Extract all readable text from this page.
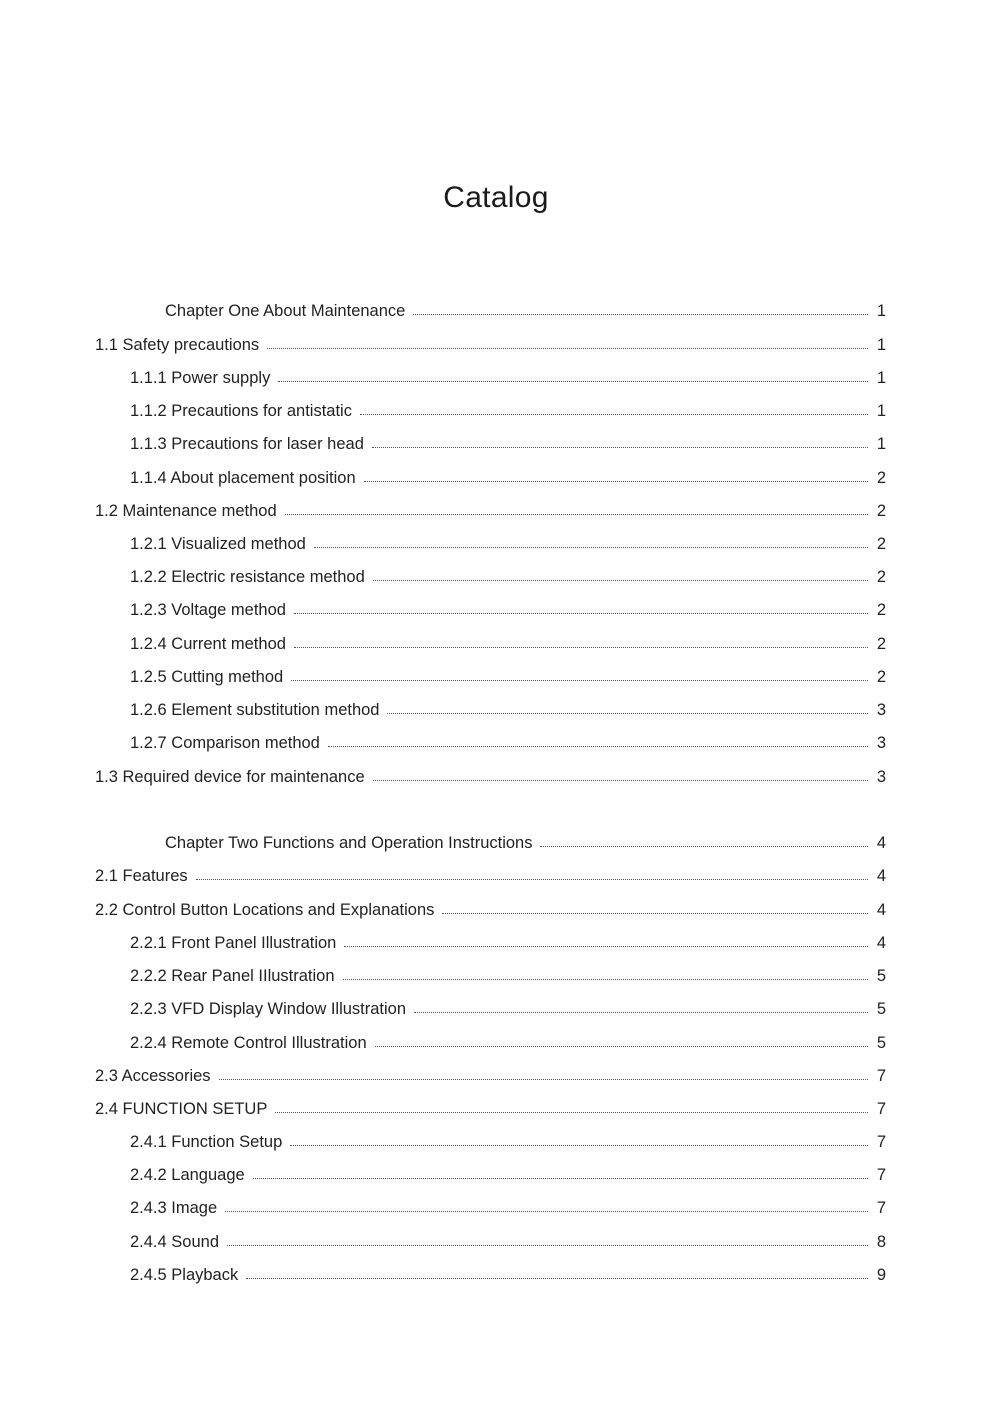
Catalog
Chapter One About Maintenance	1
1.1 Safety precautions	1
1.1.1 Power supply	1
1.1.2 Precautions for antistatic	1
1.1.3 Precautions for laser head	1
1.1.4 About placement position	2
1.2 Maintenance method	2
1.2.1 Visualized method	2
1.2.2 Electric resistance method	2
1.2.3 Voltage method	2
1.2.4 Current method	2
1.2.5 Cutting method	2
1.2.6 Element substitution method	3
1.2.7 Comparison method	3
1.3 Required device for maintenance	3
Chapter Two Functions and Operation Instructions	4
2.1 Features	4
2.2 Control Button Locations and Explanations	4
2.2.1 Front Panel Illustration	4
2.2.2 Rear Panel IIlustration	5
2.2.3 VFD Display Window Illustration	5
2.2.4 Remote Control Illustration	5
2.3 Accessories	7
2.4 FUNCTION SETUP	7
2.4.1 Function Setup	7
2.4.2 Language	7
2.4.3 Image	7
2.4.4 Sound	8
2.4.5 Playback	9
